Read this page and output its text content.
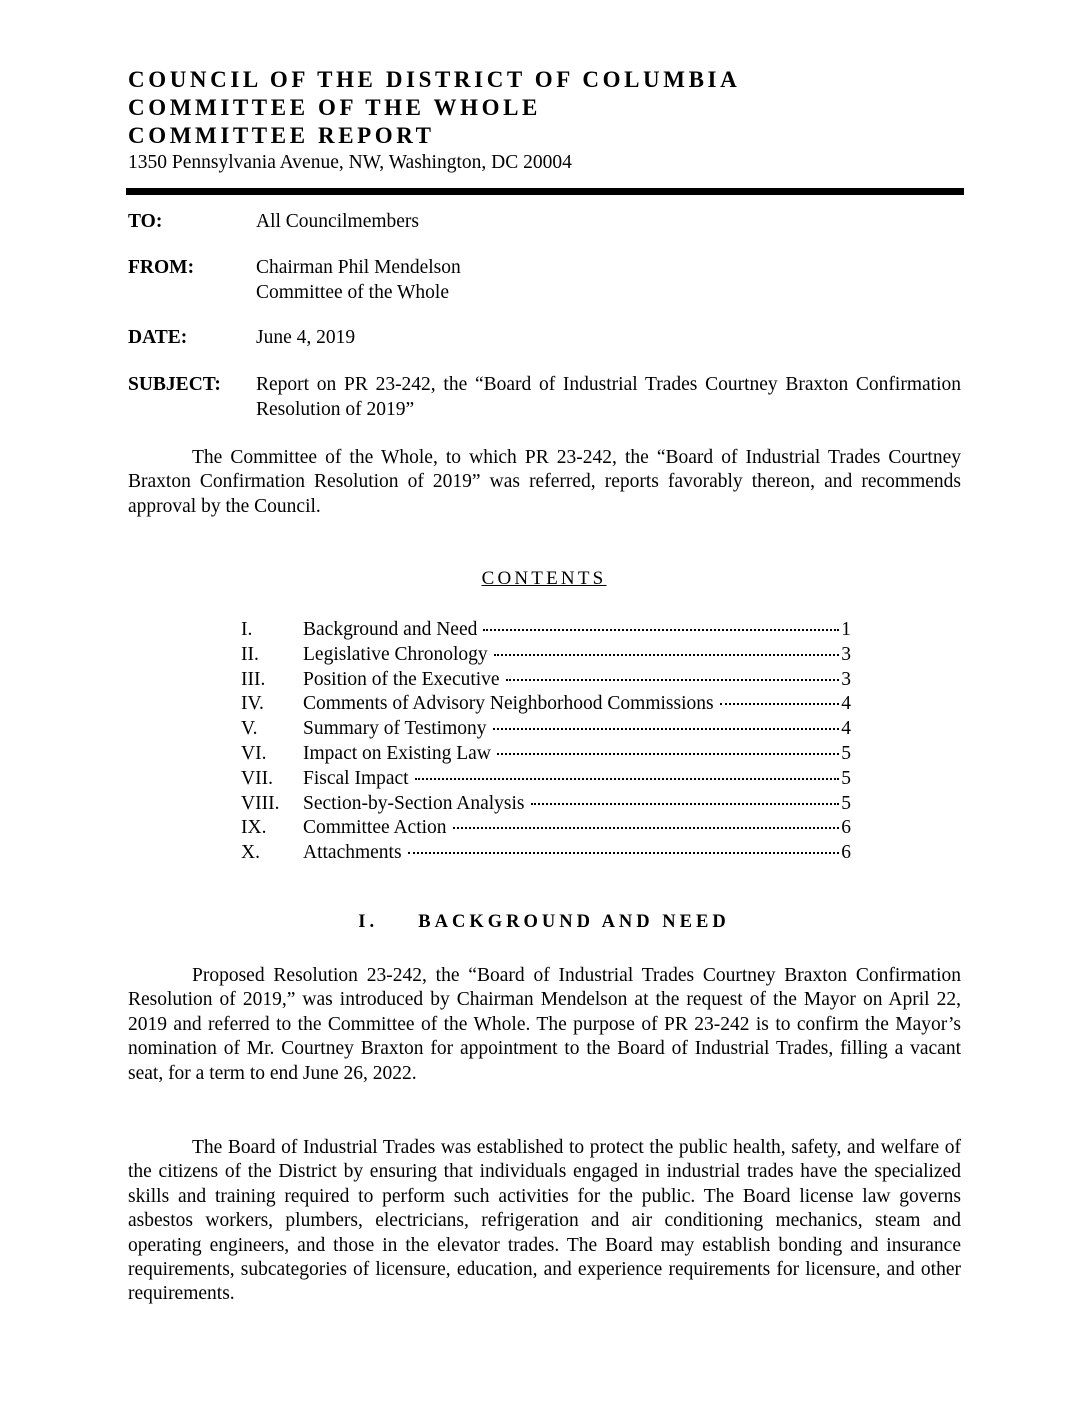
COUNCIL OF THE DISTRICT OF COLUMBIA
COMMITTEE OF THE WHOLE
COMMITTEE REPORT
1350 Pennsylvania Avenue, NW, Washington, DC 20004
TO:	All Councilmembers
FROM:	Chairman Phil Mendelson
Committee of the Whole
DATE:	June 4, 2019
SUBJECT: Report on PR 23-242, the “Board of Industrial Trades Courtney Braxton Confirmation Resolution of 2019”
The Committee of the Whole, to which PR 23-242, the “Board of Industrial Trades Courtney Braxton Confirmation Resolution of 2019” was referred, reports favorably thereon, and recommends approval by the Council.
CONTENTS
I.	Background and Need	1
II. Legislative Chronology	3
III. Position of the Executive	3
IV. Comments of Advisory Neighborhood Commissions	4
V. Summary of Testimony	4
VI. Impact on Existing Law	5
VII. Fiscal Impact	5
VIII. Section-by-Section Analysis	5
IX. Committee Action	6
X. Attachments	6
I. BACKGROUND AND NEED
Proposed Resolution 23-242, the “Board of Industrial Trades Courtney Braxton Confirmation Resolution of 2019,” was introduced by Chairman Mendelson at the request of the Mayor on April 22, 2019 and referred to the Committee of the Whole. The purpose of PR 23-242 is to confirm the Mayor’s nomination of Mr. Courtney Braxton for appointment to the Board of Industrial Trades, filling a vacant seat, for a term to end June 26, 2022.
The Board of Industrial Trades was established to protect the public health, safety, and welfare of the citizens of the District by ensuring that individuals engaged in industrial trades have the specialized skills and training required to perform such activities for the public. The Board license law governs asbestos workers, plumbers, electricians, refrigeration and air conditioning mechanics, steam and operating engineers, and those in the elevator trades. The Board may establish bonding and insurance requirements, subcategories of licensure, education, and experience requirements for licensure, and other requirements.
